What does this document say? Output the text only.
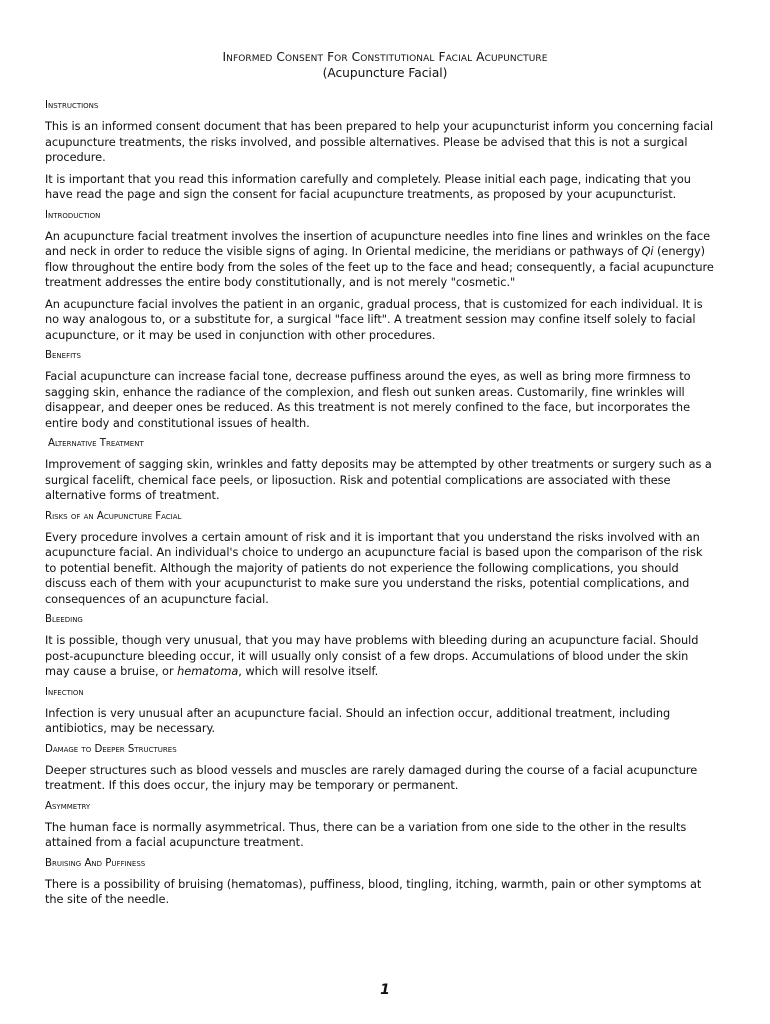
Informed Consent For Constitutional Facial Acupuncture

(Acupuncture Facial)

Instructions

This is an informed consent document that has been prepared to help your acupuncturist inform you concerning facial
acupuncture treatments, the risks involved, and possible alternatives. Please be advised that this is not a surgical
procedure.

It is important that you read this information carefully and completely. Please initial each page, indicating that you
have read the page and sign the consent for facial acupuncture treatments, as proposed by your acupuncturist.

Introduction

An acupuncture facial treatment involves the insertion of acupuncture needles into fine lines and wrinkles on the face
and neck in order to reduce the visible signs of aging. In Oriental medicine, the meridians or pathways of Qi (energy)
flow throughout the entire body from the soles of the feet up to the face and head; consequently, a facial acupuncture
treatment addresses the entire body constitutionally, and is not merely "cosmetic."

An acupuncture facial involves the patient in an organic, gradual process, that is customized for each individual. It is
no way analogous to, or a substitute for, a surgical "face lift". A treatment session may confine itself solely to facial
acupuncture, or it may be used in conjunction with other procedures.

Benefits

Facial acupuncture can increase facial tone, decrease puffiness around the eyes, as well as bring more firmness to
sagging skin, enhance the radiance of the complexion, and flesh out sunken areas. Customarily, fine wrinkles will
disappear, and deeper ones be reduced. As this treatment is not merely confined to the face, but incorporates the
entire body and constitutional issues of health.

Alternative Treatment

Improvement of sagging skin, wrinkles and fatty deposits may be attempted by other treatments or surgery such as a
surgical facelift, chemical face peels, or liposuction. Risk and potential complications are associated with these
alternative forms of treatment.

Risks of an Acupuncture Facial

Every procedure involves a certain amount of risk and it is important that you understand the risks involved with an
acupuncture facial. An individual's choice to undergo an acupuncture facial is based upon the comparison of the risk
to potential benefit. Although the majority of patients do not experience the following complications, you should
discuss each of them with your acupuncturist to make sure you understand the risks, potential complications, and
consequences of an acupuncture facial.

Bleeding

It is possible, though very unusual, that you may have problems with bleeding during an acupuncture facial. Should
post-acupuncture bleeding occur, it will usually only consist of a few drops. Accumulations of blood under the skin
may cause a bruise, or hematoma, which will resolve itself.

Infection

Infection is very unusual after an acupuncture facial. Should an infection occur, additional treatment, including
antibiotics, may be necessary.

Damage to Deeper Structures

Deeper structures such as blood vessels and muscles are rarely damaged during the course of a facial acupuncture
treatment. If this does occur, the injury may be temporary or permanent.

Asymmetry

The human face is normally asymmetrical. Thus, there can be a variation from one side to the other in the results
attained from a facial acupuncture treatment.

Bruising And Puffiness

There is a possibility of bruising (hematomas), puffiness, blood, tingling, itching, warmth, pain or other symptoms at
the site of the needle.

1
